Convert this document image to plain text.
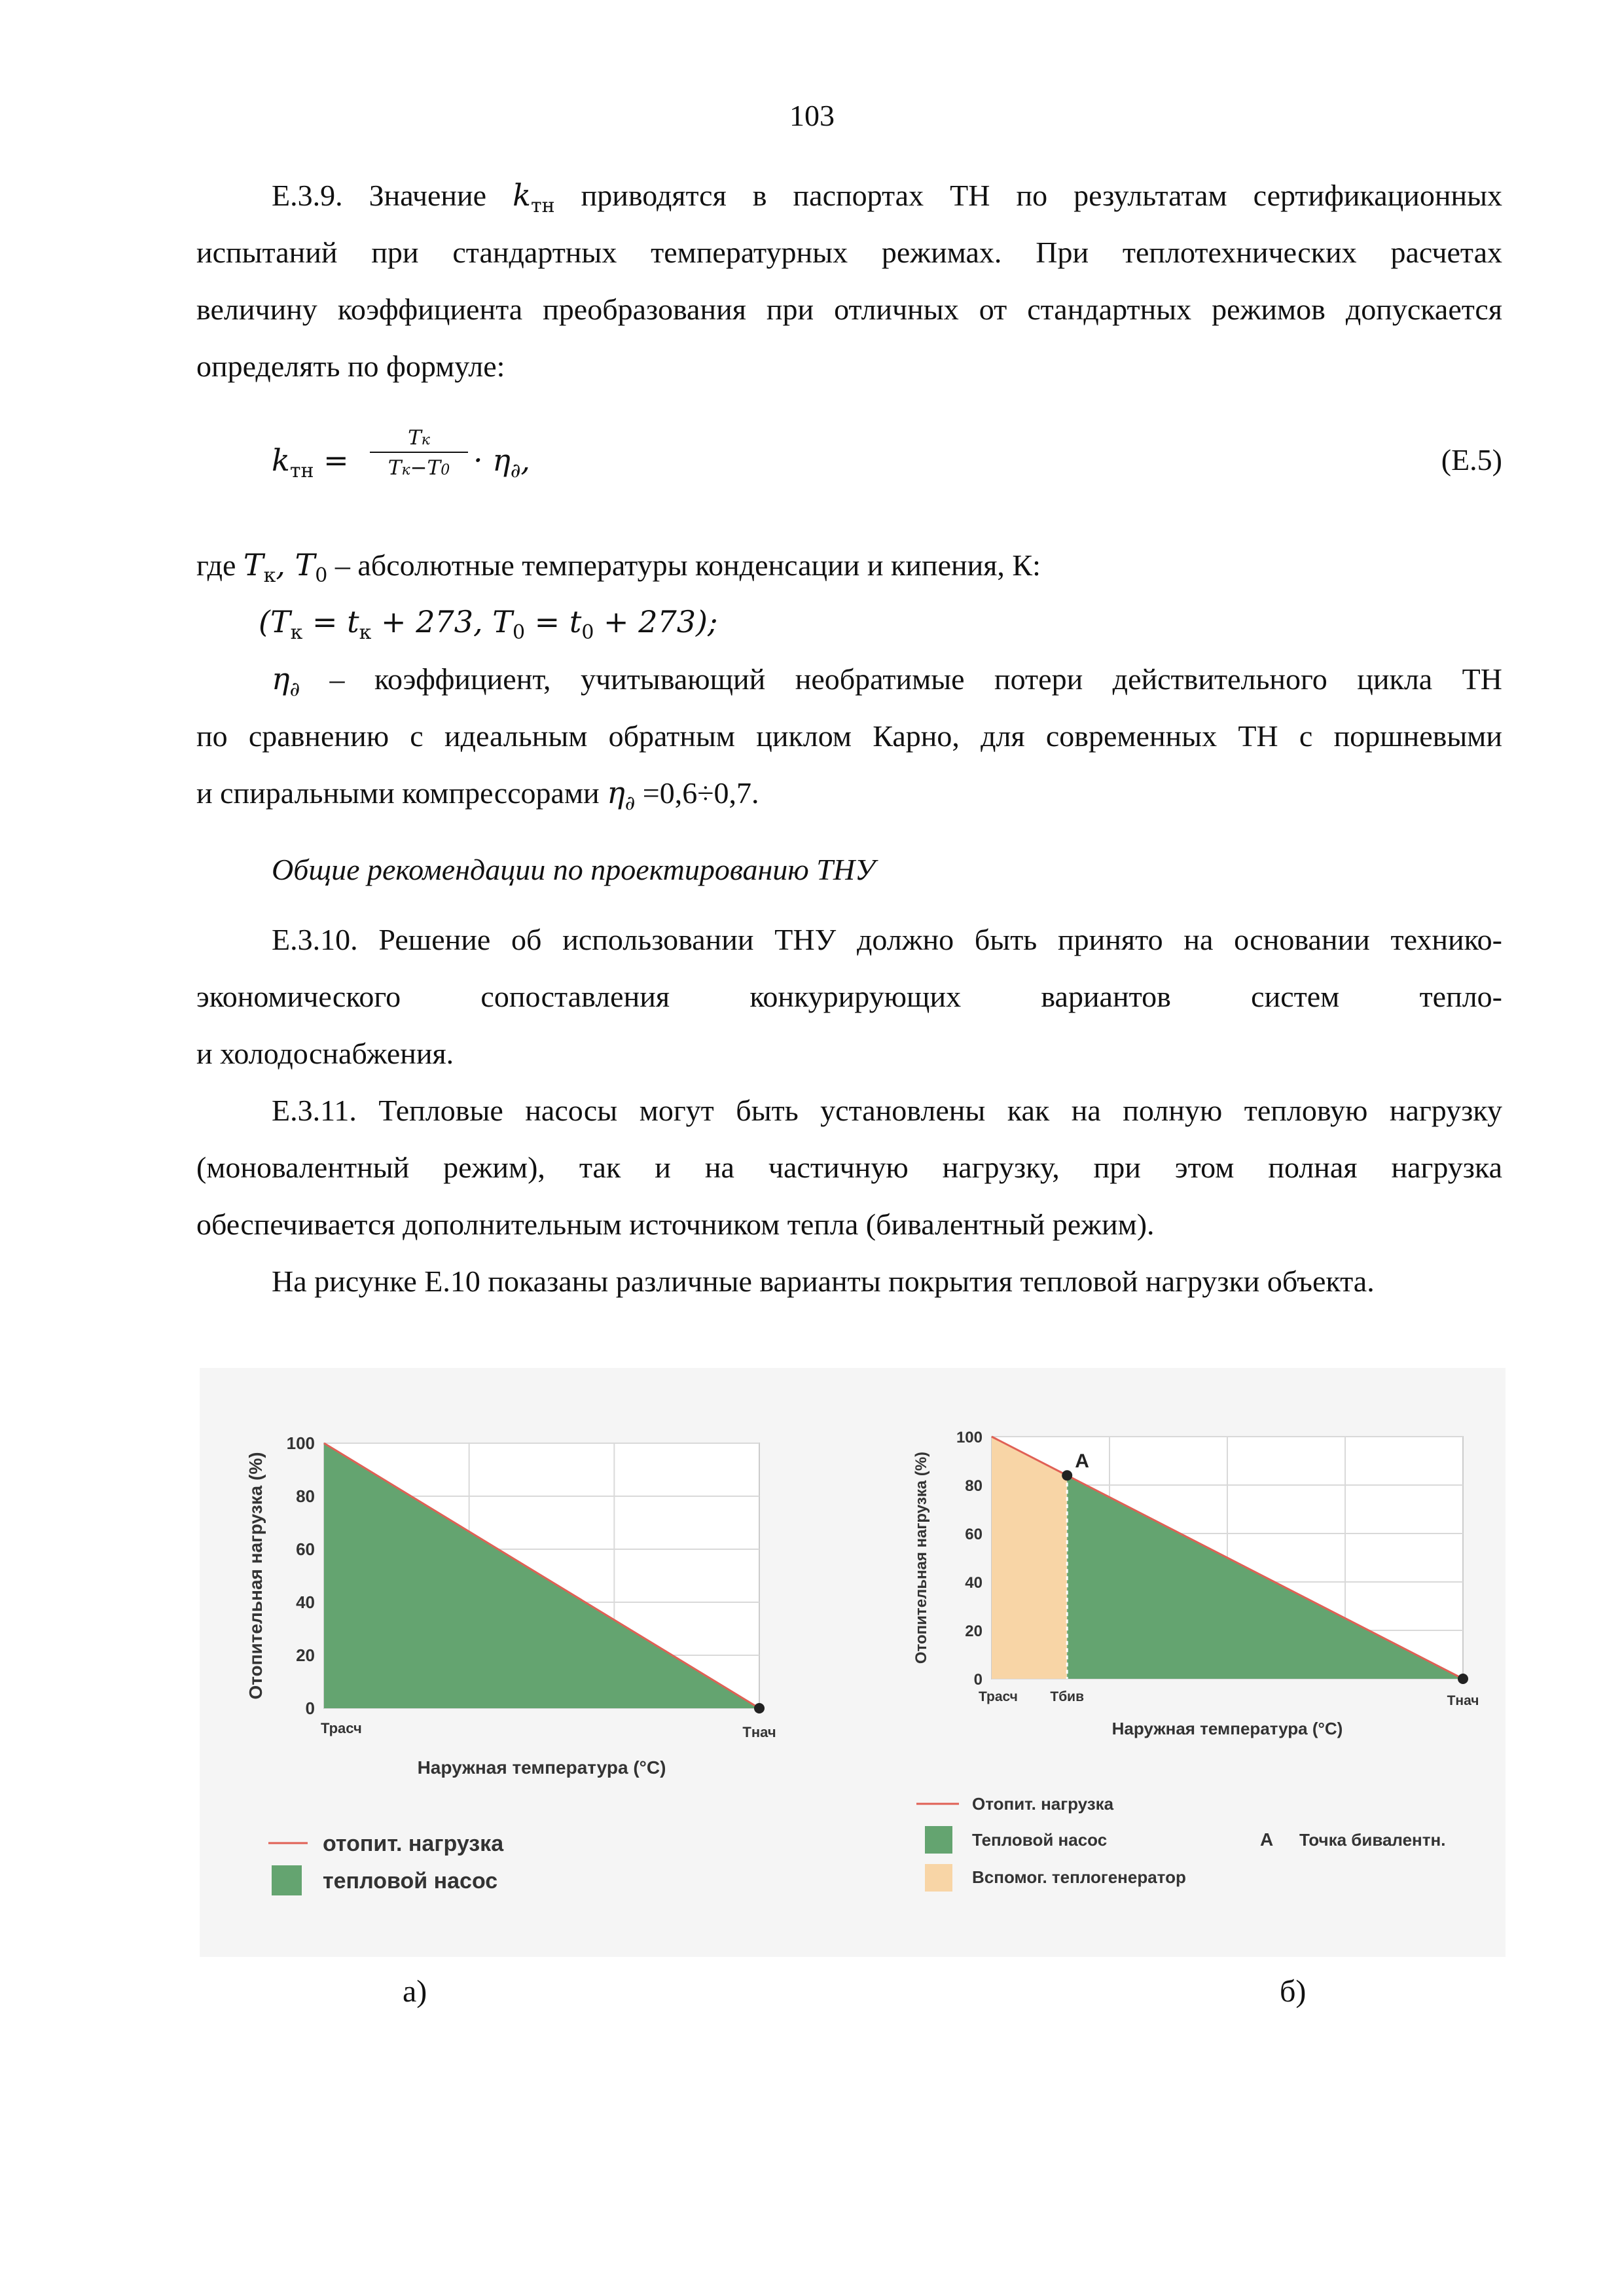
103
Е.3.9. Значение $k_{тн}$ приводятся в паспортах ТН по результатам сертификационных
испытаний при стандартных температурных режимах. При теплотехнических расчетах
величину коэффициента преобразования при отличных от стандартных режимов допускается
определять по формуле:
$k_{тн}$ =
Tк
$Tк-T0 \cdot \eta_\partial$,	(Е.5)
где $T_к$, $T_0$ – абсолютные температуры конденсации и кипения, К:
($T_к = t_к + 273$, $T_0 = t_0 + 273$);
$\eta_\partial$ – коэффициент, учитывающий необратимые потери действительного цикла ТН
по сравнению с идеальным обратным циклом Карно, для современных ТН с поршневыми
и спиральными компрессорами $\eta_\partial =0,6\div 0,7$.
Общие рекомендации по проектированию ТНУ
Е.3.10. Решение об использовании ТНУ должно быть принято на основании технико-
экономического сопоставления конкурирующих вариантов систем тепло-
и холодоснабжения.
Е.3.11. Тепловые насосы могут быть установлены как на полную тепловую нагрузку
(моновалентный режим), так и на частичную нагрузку, при этом полная нагрузка
обеспечивается дополнительным источником тепла (бивалентный режим).
На рисунке Е.10 показаны различные варианты покрытия тепловой нагрузки объекта.
0
20
40
60
80
100
Отопительная нагрузка (%)
Трасч	Тнач
Наружная температура (°С)
отопит. нагрузка
тепловой насос
A
0
20
40
60
80
100
Отопительная нагрузка (%)
Трасч Тбив	Тнач
Наружная температура (°С)
Отопит. нагрузка
Тепловой насос
Вспомог. теплогенератор
A Точка бивалентн.
а)	б)
